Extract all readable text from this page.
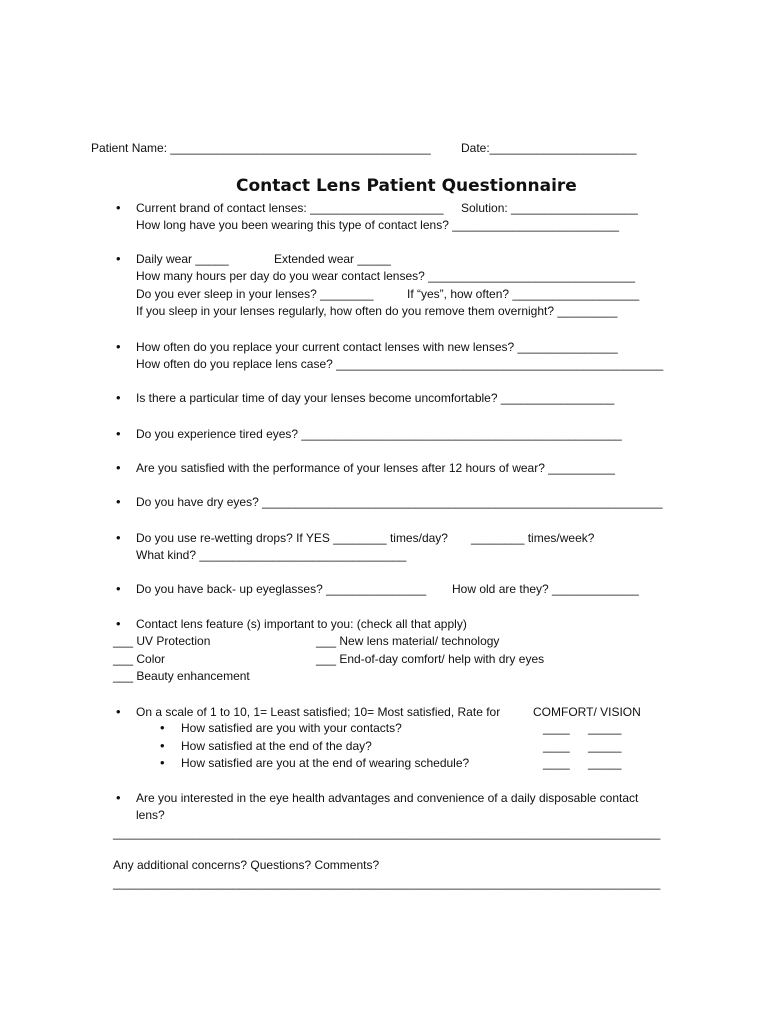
Patient Name: _______________________________________	Date:______________________
Contact Lens Patient Questionnaire
• Current brand of contact lenses: ____________________ Solution: ___________________
How long have you been wearing this type of contact lens? _________________________
• Daily wear _____	Extended wear _____
How many hours per day do you wear contact lenses? _______________________________
Do you ever sleep in your lenses? ________	If “yes”, how often? ___________________
If you sleep in your lenses regularly, how often do you remove them overnight? _________
• How often do you replace your current contact lenses with new lenses? _______________
How often do you replace lens case? _________________________________________________
• Is there a particular time of day your lenses become uncomfortable? _________________
• Do you experience tired eyes? ________________________________________________
• Are you satisfied with the performance of your lenses after 12 hours of wear? __________
• Do you have dry eyes? ____________________________________________________________
• Do you use re-wetting drops? If YES ________ times/day? ________ times/week?
What kind? _______________________________
• Do you have back- up eyeglasses? _______________ How old are they? _____________
• Contact lens feature (s) important to you: (check all that apply)
___ UV Protection	___ New lens material/ technology
___ Color	___ End-of-day comfort/ help with dry eyes
___ Beauty enhancement
• On a scale of 1 to 10, 1= Least satisfied; 10= Most satisfied, Rate for	COMFORT/ VISION
• How satisfied are you with your contacts?	____ _____
• How satisfied at the end of the day?	____ _____
• How satisfied are you at the end of wearing schedule?	____ _____
• Are you interested in the eye health advantages and convenience of a daily disposable contact
lens?
__________________________________________________________________________________
Any additional concerns? Questions? Comments?
__________________________________________________________________________________
